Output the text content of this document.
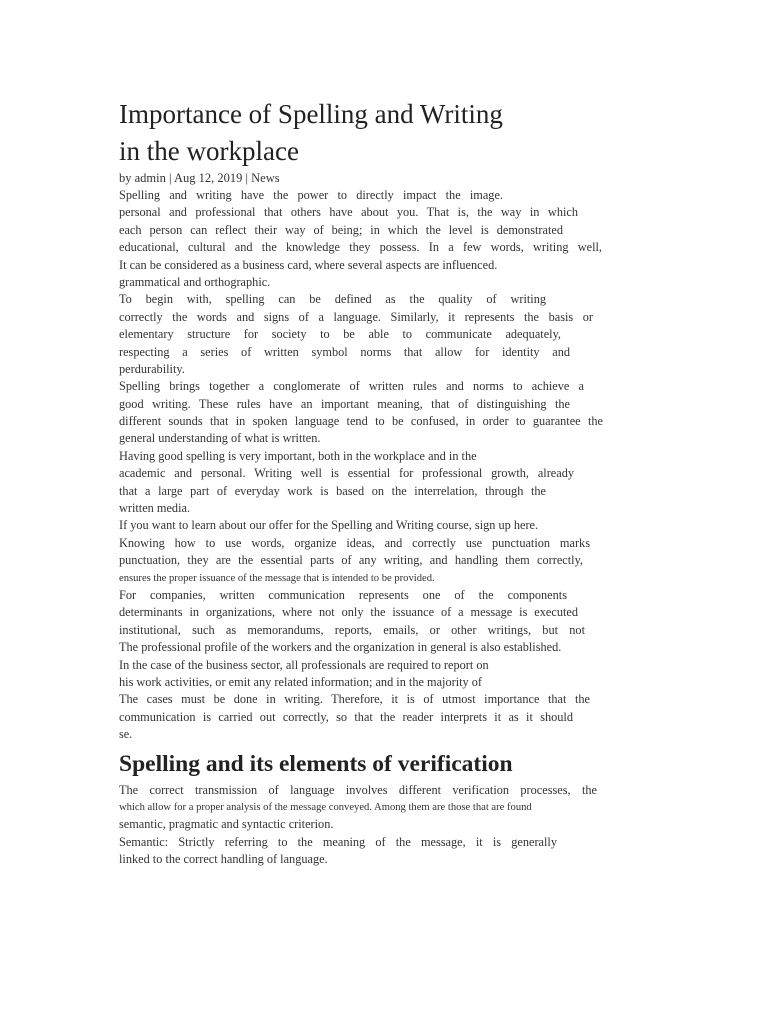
Importance of Spelling and Writing
in the workplace
by admin | Aug 12, 2019 | News
Spelling and writing have the power to directly impact the image.
personal and professional that others have about you. That is, the way in which
each person can reflect their way of being; in which the level is demonstrated
educational, cultural and the knowledge they possess. In a few words, writing well,
It can be considered as a business card, where several aspects are influenced.
grammatical and orthographic.
To begin with, spelling can be defined as the quality of writing
correctly the words and signs of a language. Similarly, it represents the basis or
elementary structure for society to be able to communicate adequately,
respecting a series of written symbol norms that allow for identity and
perdurability.
Spelling brings together a conglomerate of written rules and norms to achieve a
good writing. These rules have an important meaning, that of distinguishing the
different sounds that in spoken language tend to be confused, in order to guarantee the
general understanding of what is written.
Having good spelling is very important, both in the workplace and in the
academic and personal. Writing well is essential for professional growth, already
that a large part of everyday work is based on the interrelation, through the
written media.
If you want to learn about our offer for the Spelling and Writing course, sign up here.
Knowing how to use words, organize ideas, and correctly use punctuation marks
punctuation, they are the essential parts of any writing, and handling them correctly,
ensures the proper issuance of the message that is intended to be provided.
For companies, written communication represents one of the components
determinants in organizations, where not only the issuance of a message is executed
institutional, such as memorandums, reports, emails, or other writings, but not
The professional profile of the workers and the organization in general is also established.
In the case of the business sector, all professionals are required to report on
his work activities, or emit any related information; and in the majority of
The cases must be done in writing. Therefore, it is of utmost importance that the
communication is carried out correctly, so that the reader interprets it as it should
se.
Spelling and its elements of verification
The correct transmission of language involves different verification processes, the
which allow for a proper analysis of the message conveyed. Among them are those that are found
semantic, pragmatic and syntactic criterion.
Semantic: Strictly referring to the meaning of the message, it is generally
linked to the correct handling of language.
